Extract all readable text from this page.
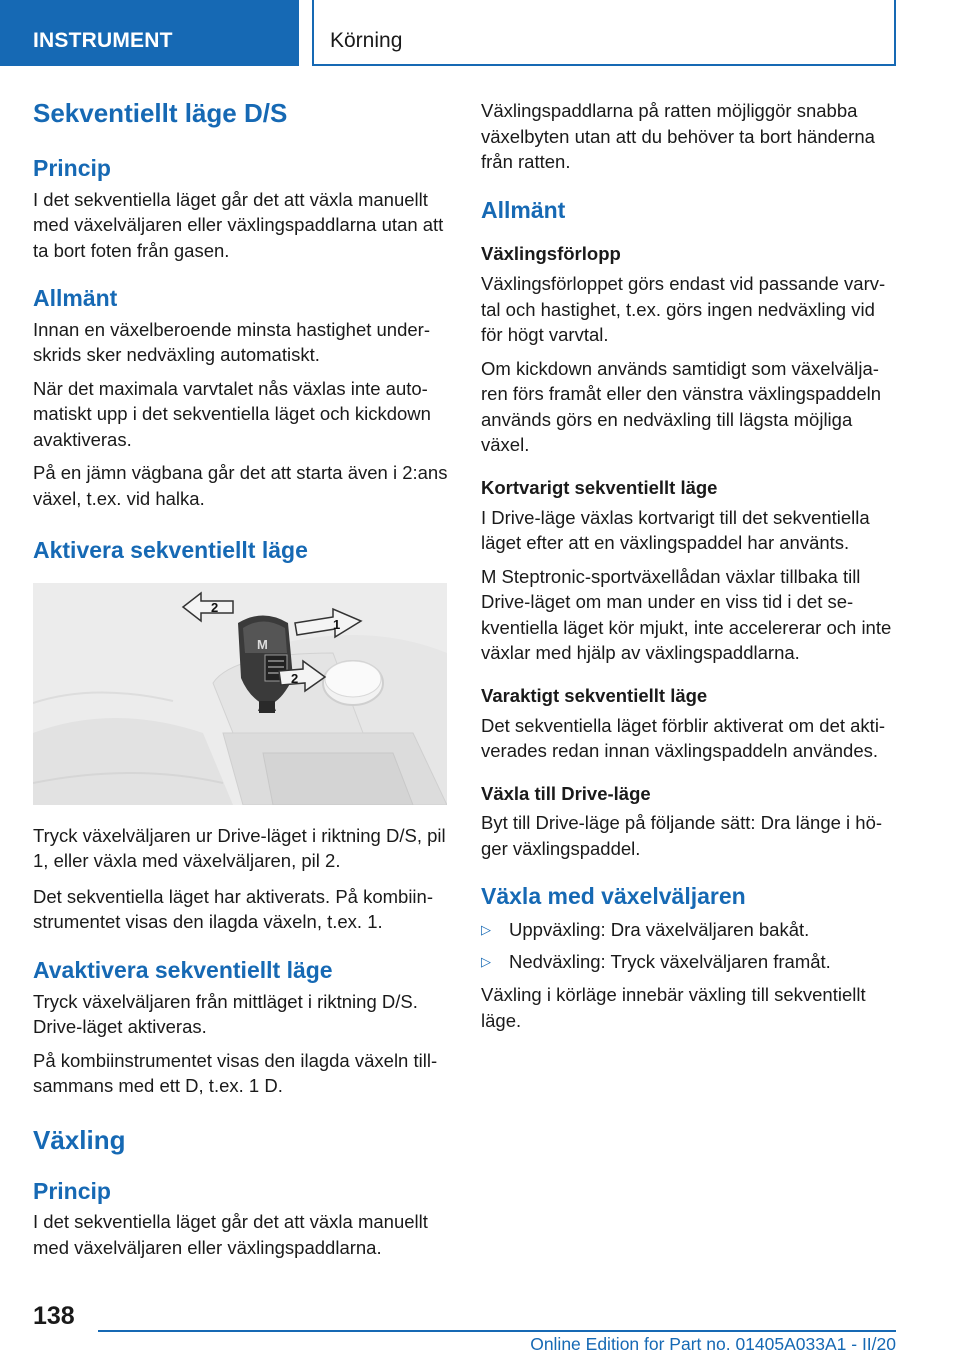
INSTRUMENT	Körning
Sekventiellt läge D/S
Princip

I det sekventiella läget går det att växla manuellt med växelväljaren eller växlingspaddlarna utan att ta bort foten från gasen.

Allmänt

Innan en växelberoende minsta hastighet under-skrids sker nedväxling automatiskt.

När det maximala varvtalet nås växlas inte auto-matiskt upp i det sekventiella läget och kickdown avaktiveras.

På en jämn vägbana går det att starta även i 2:ans växel, t.ex. vid halka.

Aktivera sekventiellt läge
M
2
1
2

Tryck växelväljaren ur Drive-läget i riktning D/S, pil 1, eller växla med växelväljaren, pil 2.

Det sekventiella läget har aktiverats. På kombiin-strumentet visas den ilagda växeln, t.ex. 1.

Avaktivera sekventiellt läge

Tryck växelväljaren från mittläget i riktning D/S. Drive-läget aktiveras.

På kombiinstrumentet visas den ilagda växeln till-sammans med ett D, t.ex. 1 D.

Växling
Princip

I det sekventiella läget går det att växla manuellt med växelväljaren eller växlingspaddlarna.

Växlingspaddlarna på ratten möjliggör snabba växelbyten utan att du behöver ta bort händerna från ratten.

Allmänt
Växlingsförlopp

Växlingsförloppet görs endast vid passande varv-tal och hastighet, t.ex. görs ingen nedväxling vid för högt varvtal.

Om kickdown används samtidigt som växelvälja-ren förs framåt eller den vänstra växlingspaddeln används görs en nedväxling till lägsta möjliga växel.

Kortvarigt sekventiellt läge

I Drive-läge växlas kortvarigt till det sekventiella läget efter att en växlingspaddel har använts.

M Steptronic-sportväxellådan växlar tillbaka till Drive-läget om man under en viss tid i det se-kventiella läget kör mjukt, inte accelererar och inte växlar med hjälp av växlingspaddlarna.

Varaktigt sekventiellt läge

Det sekventiella läget förblir aktiverat om det akti-verades redan innan växlingspaddeln användes.

Växla till Drive-läge

Byt till Drive-läge på följande sätt: Dra länge i hö-ger växlingspaddel.

Växla med växelväljaren
▷ Uppväxling: Dra växelväljaren bakåt.
▷ Nedväxling: Tryck växelväljaren framåt.

Växling i körläge innebär växling till sekventiellt läge.

138
Online Edition for Part no. 01405A033A1 - II/20
